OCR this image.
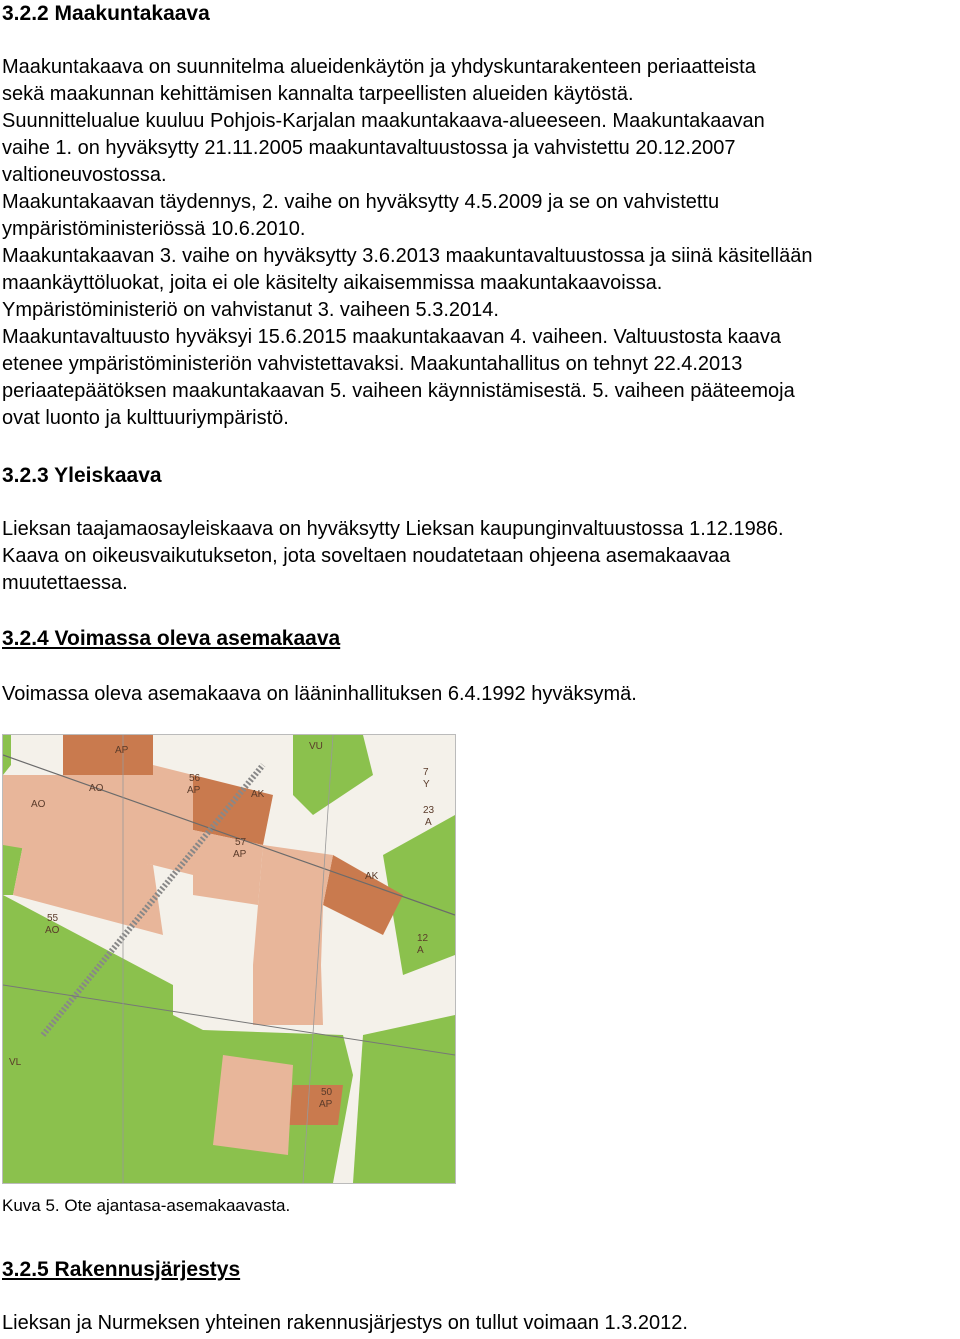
3.2.2 Maakuntakaava
Maakuntakaava on suunnitelma alueidenkäytön ja yhdyskuntarakenteen periaatteista
sekä maakunnan kehittämisen kannalta tarpeellisten alueiden käytöstä.
Suunnittelualue kuuluu Pohjois-Karjalan maakuntakaava-alueeseen. Maakuntakaavan
vaihe 1. on hyväksytty 21.11.2005 maakuntavaltuustossa ja vahvistettu 20.12.2007
valtioneuvostossa.
Maakuntakaavan täydennys, 2. vaihe on hyväksytty 4.5.2009 ja se on vahvistettu
ympäristöministeriössä 10.6.2010.
Maakuntakaavan 3. vaihe on hyväksytty 3.6.2013 maakuntavaltuustossa ja siinä käsitellään
maankäyttöluokat, joita ei ole käsitelty aikaisemmissa maakuntakaavoissa.
Ympäristöministeriö on vahvistanut 3. vaiheen 5.3.2014.
Maakuntavaltuusto hyväksyi 15.6.2015 maakuntakaavan 4. vaiheen. Valtuustosta kaava
etenee ympäristöministeriön vahvistettavaksi. Maakuntahallitus on tehnyt 22.4.2013
periaatepäätöksen maakuntakaavan 5. vaiheen käynnistämisestä. 5. vaiheen pääteemoja
ovat luonto ja kulttuuriympäristö.
3.2.3 Yleiskaava
Lieksan taajamaosayleiskaava on hyväksytty Lieksan kaupunginvaltuustossa 1.12.1986.
Kaava on oikeusvaikutukseton, jota soveltaen noudatetaan ohjeena asemakaavaa
muutettaessa.
3.2.4 Voimassa oleva asemakaava
Voimassa oleva asemakaava on lääninhallituksen 6.4.1992 hyväksymä.
AP	VU
AO
AO
56
AP
57
AP
AK
AK
7
Y
23
A
55
AO
12
A
50
AP
VL

Kuva 5. Ote ajantasa-asemakaavasta.

3.2.5 Rakennusjärjestys
Lieksan ja Nurmeksen yhteinen rakennusjärjestys on tullut voimaan 1.3.2012.
